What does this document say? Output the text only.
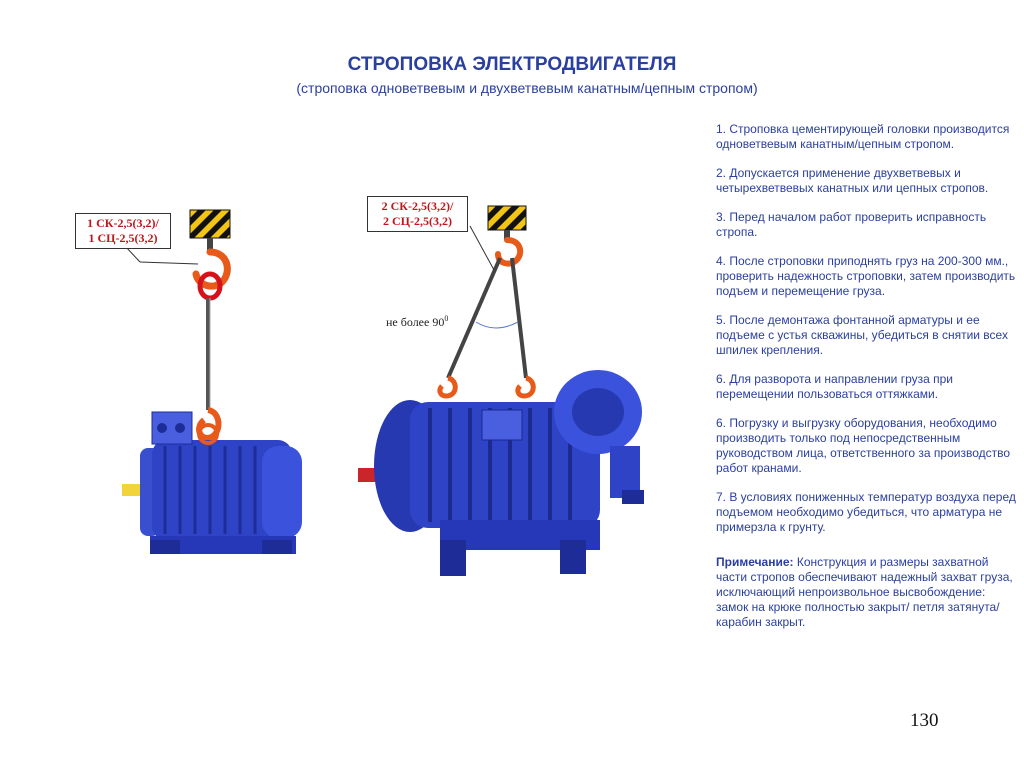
СТРОПОВКА ЭЛЕКТРОДВИГАТЕЛЯ
(строповка одноветвевым и двухветвевым канатным/цепным стропом)
1 СК-2,5(3,2)/
1 СЦ-2,5(3,2)
2 СК-2,5(3,2)/
2 СЦ-2,5(3,2)
не более $90^0$

1. Строповка цементирующей головки производится одноветвевым канатным/цепным стропом.

2. Допускается применение двухветвевых и четырехветвевых канатных или цепных стропов.

3. Перед началом работ проверить исправность стропа.

4. После строповки приподнять груз на 200-300 мм., проверить надежность строповки, затем производить подъем и перемещение груза.

5. После демонтажа фонтанной арматуры и ее подъеме с устья скважины, убедиться в снятии всех шпилек крепления.

6. Для разворота и направлении груза при перемещении пользоваться оттяжками.

6. Погрузку и выгрузку оборудования, необходимо производить только под непосредственным руководством лица, ответственного за производство работ кранами.

7. В условиях пониженных температур воздуха перед подъемом необходимо убедиться, что арматура не примерзла к грунту.

Примечание: Конструкция и размеры захватной части стропов обеспечивают надежный захват груза, исключающий непроизвольное высвобождение: замок на крюке полностью закрыт/ петля затянута/ карабин закрыт.
130
